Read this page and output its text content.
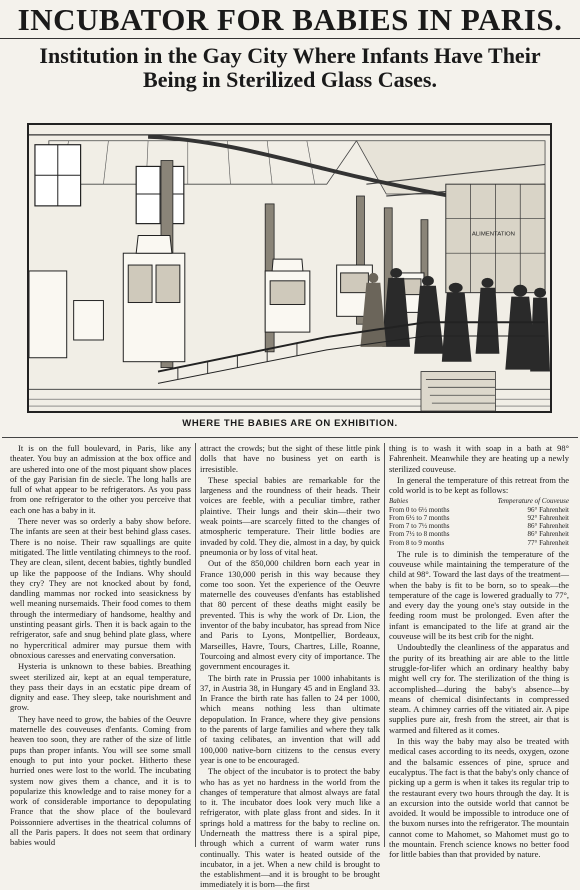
INCUBATOR FOR BABIES IN PARIS.
Institution in the Gay City Where Infants Have Their
Being in Sterilized Glass Cases.
ALIMENTATION
WHERE THE BABIES ARE ON EXHIBITION.

It is on the full boulevard, in Paris, like any theater. You buy an admission at the box office and are ushered into one of the most piquant show places of the gay Parisian fin de siecle. The long halls are full of what appear to be refrigerators. As you pass from one refrigerator to the other you perceive that each one has a baby in it.

There never was so orderly a baby show before. The infants are seen at their best behind glass cases. There is no noise. Their raw squallings are quite mitigated. The little ventilating chimneys to the roof. They are clean, silent, decent babies, tightly bundled up like the pappoose of the Indians. Why should they cry? They are not knocked about by fond, dandling mammas nor rocked into seasickness by well meaning nursemaids. Their food comes to them through the intermediary of handsome, healthy and unstinting peasant girls. Then it is back again to the refrigerator, safe and snug behind plate glass, where no hypercritical admirer may pursue them with obnoxious caresses and enervating conversation.

Hysteria is unknown to these babies. Breathing sweet sterilized air, kept at an equal temperature, they pass their days in an ecstatic pipe dream of dignity and ease. They sleep, take nourishment and grow.

They have need to grow, the babies of the Oeuvre maternelle des couveuses d'enfants. Coming from heaven too soon, they are rather of the size of little pups than proper infants. You will see some small enough to put into your pocket. Hitherto these hurried ones were lost to the world. The incubating system now gives them a chance, and it is to popularize this knowledge and to raise money for a work of considerable importance to depopulating France that the show place of the boulevard Poissonniere advertises in the theatrical columns of all the Paris papers. It does not seem that ordinary babies would

attract the crowds; but the sight of these little pink dolls that have no business yet on earth is irresistible.

These special babies are remarkable for the largeness and the roundness of their heads. Their voices are feeble, with a peculiar timbre, rather plaintive. Their lungs and their skin—their two weak points—are scarcely fitted to the changes of atmospheric temperature. Their little bodies are invaded by cold. They die, almost in a day, by quick pneumonia or by loss of vital heat.

Out of the 850,000 children born each year in France 130,000 perish in this way because they come too soon. Yet the experience of the Oeuvre maternelle des couveuses d'enfants has established that 80 percent of these deaths might easily be prevented. This is why the work of Dr. Lion, the inventor of the baby incubator, has spread from Nice and Paris to Lyons, Montpellier, Bordeaux, Marseilles, Havre, Tours, Chartres, Lille, Roanne, Tourcoing and almost every city of importance. The government encourages it.

The birth rate in Prussia per 1000 inhabitants is 37, in Austria 38, in Hungary 45 and in England 33. In France the birth rate has fallen to 24 per 1000, which means nothing less than ultimate depopulation. In France, where they give pensions to the parents of large families and where they talk of taxing celibates, an invention that will add 100,000 native-born citizens to the census every year is one to be encouraged.

The object of the incubator is to protect the baby who has as yet no hardness in the world from the changes of temperature that almost always are fatal to it. The incubator does look very much like a refrigerator, with plate glass front and sides. In it springs hold a mattress for the baby to recline on. Underneath the mattress there is a spiral pipe, through which a current of warm water runs continually. This water is heated outside of the incubator, in a jet. When a new child is brought to the establishment—and it is brought to be brought immediately it is born—the first

thing is to wash it with soap in a bath at 98° Fahrenheit. Meanwhile they are heating up a newly sterilized couveuse.

In general the temperature of this retreat from the cold world is to be kept as follows:

Babies	Temperature of Couveuse
From 0 to 6½ months	96° Fahrenheit
From 6½ to 7 months	92° Fahrenheit
From 7 to 7½ months	86° Fahrenheit
From 7½ to 8 months	86° Fahrenheit
From 8 to 9 months	77° Fahrenheit

The rule is to diminish the temperature of the couveuse while maintaining the temperature of the child at 98°. Toward the last days of the treatment—when the baby is fit to be born, so to speak—the temperature of the cage is lowered gradually to 77°, and every day the young one's stay outside in the feeding room must be prolonged. Even after the infant is emancipated to the life at grand air the couveuse will be its best crib for the night.

Undoubtedly the cleanliness of the apparatus and the purity of its breathing air are able to the little struggle-for-lifer which an ordinary healthy baby might well cry for. The sterilization of the thing is accomplished—during the baby's absence—by means of chemical disinfectants in compressed steam. A chimney carries off the vitiated air. A pipe supplies pure air, fresh from the street, air that is warmed and filtered as it comes.

In this way the baby may also be treated with medical cases according to its needs, oxygen, ozone and the balsamic essences of pine, spruce and eucalyptus. The fact is that the baby's only chance of picking up a germ is when it takes its regular trip to the restaurant every two hours through the day. It is an excursion into the outside world that cannot be avoided. It would be impossible to introduce one of the buxom nurses into the refrigerator. The mountain cannot come to Mahomet, so Mahomet must go to the mountain. French science knows no better food for little babies than that provided by nature.
